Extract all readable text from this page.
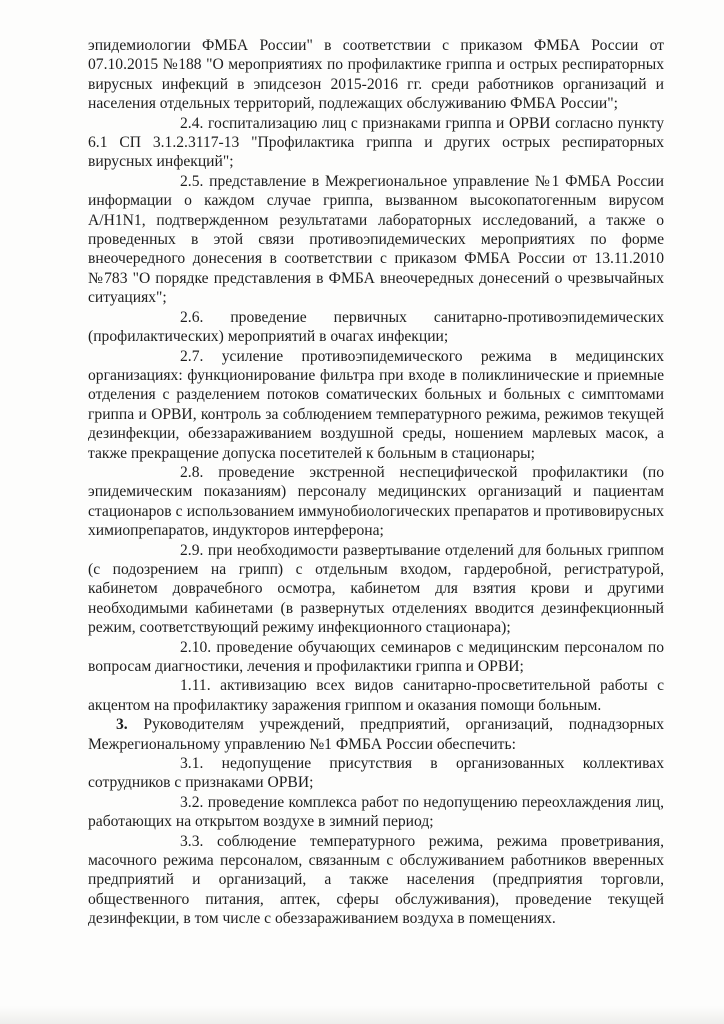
эпидемиологии ФМБА России" в соответствии с приказом ФМБА России от 07.10.2015 №188 "О мероприятиях по профилактике гриппа и острых респираторных вирусных инфекций в эпидсезон 2015-2016 гг. среди работников организаций и населения отдельных территорий, подлежащих обслуживанию ФМБА России";

2.4. госпитализацию лиц с признаками гриппа и ОРВИ согласно пункту 6.1 СП 3.1.2.3117-13 "Профилактика гриппа и других острых респираторных вирусных инфекций";

2.5. представление в Межрегиональное управление №1 ФМБА России информации о каждом случае гриппа, вызванном высокопатогенным вирусом A/H1N1, подтвержденном результатами лабораторных исследований, а также о проведенных в этой связи противоэпидемических мероприятиях по форме внеочередного донесения в соответствии с приказом ФМБА России от 13.11.2010 №783 "О порядке представления в ФМБА внеочередных донесений о чрезвычайных ситуациях";

2.6. проведение первичных санитарно-противоэпидемических (профилактических) мероприятий в очагах инфекции;

2.7. усиление противоэпидемического режима в медицинских организациях: функционирование фильтра при входе в поликлинические и приемные отделения с разделением потоков соматических больных и больных с симптомами гриппа и ОРВИ, контроль за соблюдением температурного режима, режимов текущей дезинфекции, обеззараживанием воздушной среды, ношением марлевых масок, а также прекращение допуска посетителей к больным в стационары;

2.8. проведение экстренной неспецифической профилактики (по эпидемическим показаниям) персоналу медицинских организаций и пациентам стационаров с использованием иммунобиологических препаратов и противовирусных химиопрепаратов, индукторов интерферона;

2.9. при необходимости развертывание отделений для больных гриппом (с подозрением на грипп) с отдельным входом, гардеробной, регистратурой, кабинетом доврачебного осмотра, кабинетом для взятия крови и другими необходимыми кабинетами (в развернутых отделениях вводится дезинфекционный режим, соответствующий режиму инфекционного стационара);

2.10. проведение обучающих семинаров с медицинским персоналом по вопросам диагностики, лечения и профилактики гриппа и ОРВИ;

1.11. активизацию всех видов санитарно-просветительной работы с акцентом на профилактику заражения гриппом и оказания помощи больным.

3. Руководителям учреждений, предприятий, организаций, поднадзорных Межрегиональному управлению №1 ФМБА России обеспечить:

3.1. недопущение присутствия в организованных коллективах сотрудников с признаками ОРВИ;

3.2. проведение комплекса работ по недопущению переохлаждения лиц, работающих на открытом воздухе в зимний период;

3.3. соблюдение температурного режима, режима проветривания, масочного режима персоналом, связанным с обслуживанием работников вверенных предприятий и организаций, а также населения (предприятия торговли, общественного питания, аптек, сферы обслуживания), проведение текущей дезинфекции, в том числе с обеззараживанием воздуха в помещениях.
